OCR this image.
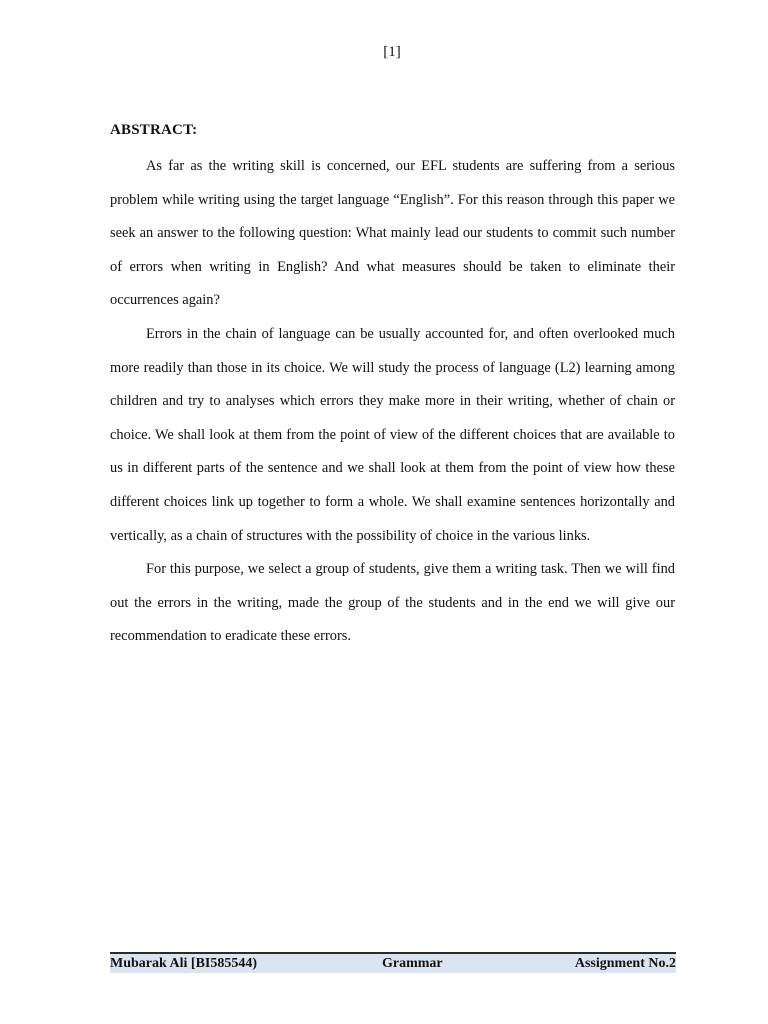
[1]
ABSTRACT:

As far as the writing skill is concerned, our EFL students are suffering from a serious problem while writing using the target language “English”. For this reason through this paper we seek an answer to the following question: What mainly lead our students to commit such number of errors when writing in English? And what measures should be taken to eliminate their occurrences again?

Errors in the chain of language can be usually accounted for, and often overlooked much more readily than those in its choice. We will study the process of language (L2) learning among children and try to analyses which errors they make more in their writing, whether of chain or choice. We shall look at them from the point of view of the different choices that are available to us in different parts of the sentence and we shall look at them from the point of view how these different choices link up together to form a whole. We shall examine sentences horizontally and vertically, as a chain of structures with the possibility of choice in the various links.

For this purpose, we select a group of students, give them a writing task. Then we will find out the errors in the writing, made the group of the students and in the end we will give our recommendation to eradicate these errors.

Mubarak Ali [BI585544)	Grammar	Assignment No.2
